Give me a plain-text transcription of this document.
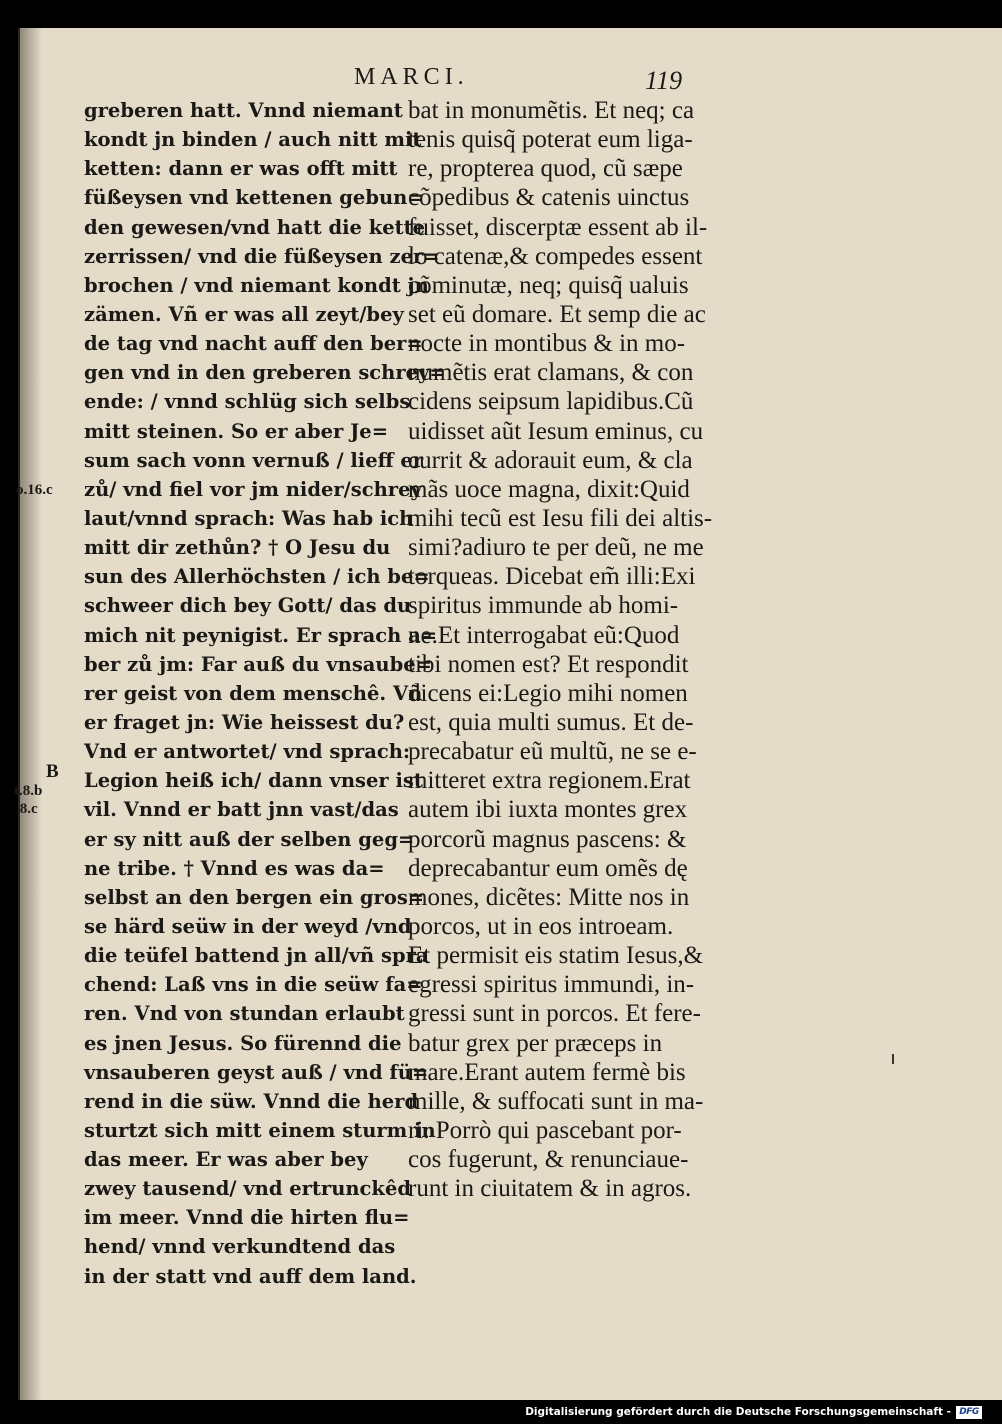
MARCI.	119
greberen hatt. Vnnd niemant
kondt jn binden / auch nitt mit
ketten: dann er was offt mitt
füßeysen vnd kettenen gebun=
den gewesen/vnd hatt die kette
zerrissen/ vnd die füßeysen zer=
brochen / vnd niemant kondt jn
zämen. Vñ er was all zeyt/bey
de tag vnd nacht auff den ber=
gen vnd in den greberen schrey=
ende: / vnnd schlüg sich selbs
mitt steinen. So er aber Je=
sum sach vonn vernuß / lieff er
zů/ vnd fiel vor jm nider/schrey
laut/vnnd sprach: Was hab ich
mitt dir zethůn? † O Jesu du
sun des Allerhöchsten / ich be=
schweer dich bey Gott/ das du
mich nit peynigist. Er sprach a=
ber zů jm: Far auß du vnsaube=
rer geist von dem menschê. Vñ
er fraget jn: Wie heissest du?
Vnd er antwortet/ vnd sprach:
Legion heiß ich/ dann vnser ist
vil. Vnnd er batt jnn vast/das
er sy nitt auß der selben geg=
ne tribe. † Vnnd es was da=
selbst an den bergen ein gros=
se härd seüw in der weyd /vnd
die teüfel battend jn all/vñ spra
chend: Laß vns in die seüw fa=
ren. Vnd von stundan erlaubt
es jnen Jesus. So fürennd die
vnsauberen geyst auß / vnd fü=
rend in die süw. Vnnd die herd
sturtzt sich mitt einem sturm in
das meer. Er was aber bey
zwey tausend/ vnd ertrunckêd
im meer. Vnnd die hirten flu=
hend/ vnnd verkundtend das
in der statt vnd auff dem land.
bat in monumẽtis. Et neq; ca
tenis quisq̃ poterat eum liga-
re, propterea quod, cũ sæpe
cõpedibus & catenis uinctus
fuisset, discerptæ essent ab il-
lo catenæ,& compedes essent
cõminutæ, neq; quisq̃ ualuis
set eũ domare. Et semp die ac
nocte in montibus & in mo-
numẽtis erat clamans, & con
cidens seipsum lapidibus.Cũ
uidisset aũt Iesum eminus, cu
currit & adorauit eum, & cla
mãs uoce magna, dixit:Quid
mihi tecũ est Iesu fili dei altis-
simi?adiuro te per deũ, ne me
torqueas. Dicebat em̃ illi:Exi
spiritus immunde ab homi-
ne.Et interrogabat eũ:Quod
tibi nomen est? Et respondit
dicens ei:Legio mihi nomen
est, quia multi sumus. Et de-
precabatur eũ multũ, ne se e-
mitteret extra regionem.Erat
autem ibi iuxta montes grex
porcorũ magnus pascens: &
deprecabantur eum omẽs dę
mones, dicẽtes: Mitte nos in
porcos, ut in eos introeam͏.
Et permisit eis statim Iesus,&
egressi spiritus immundi, in-
gressi sunt in porcos. Et fere-
batur grex per præceps in
mare.Erant autem fermè bis
mille, & suffocati sunt in ma-
ri. Porrò qui pascebant por-
cos fugerunt, & renunciaue-
runt in ciuitatem & in agros.
o.16.c
B
t.8.b
.8.c
Digitalisierung gefördert durch die Deutsche Forschungsgemeinschaft - DFG
